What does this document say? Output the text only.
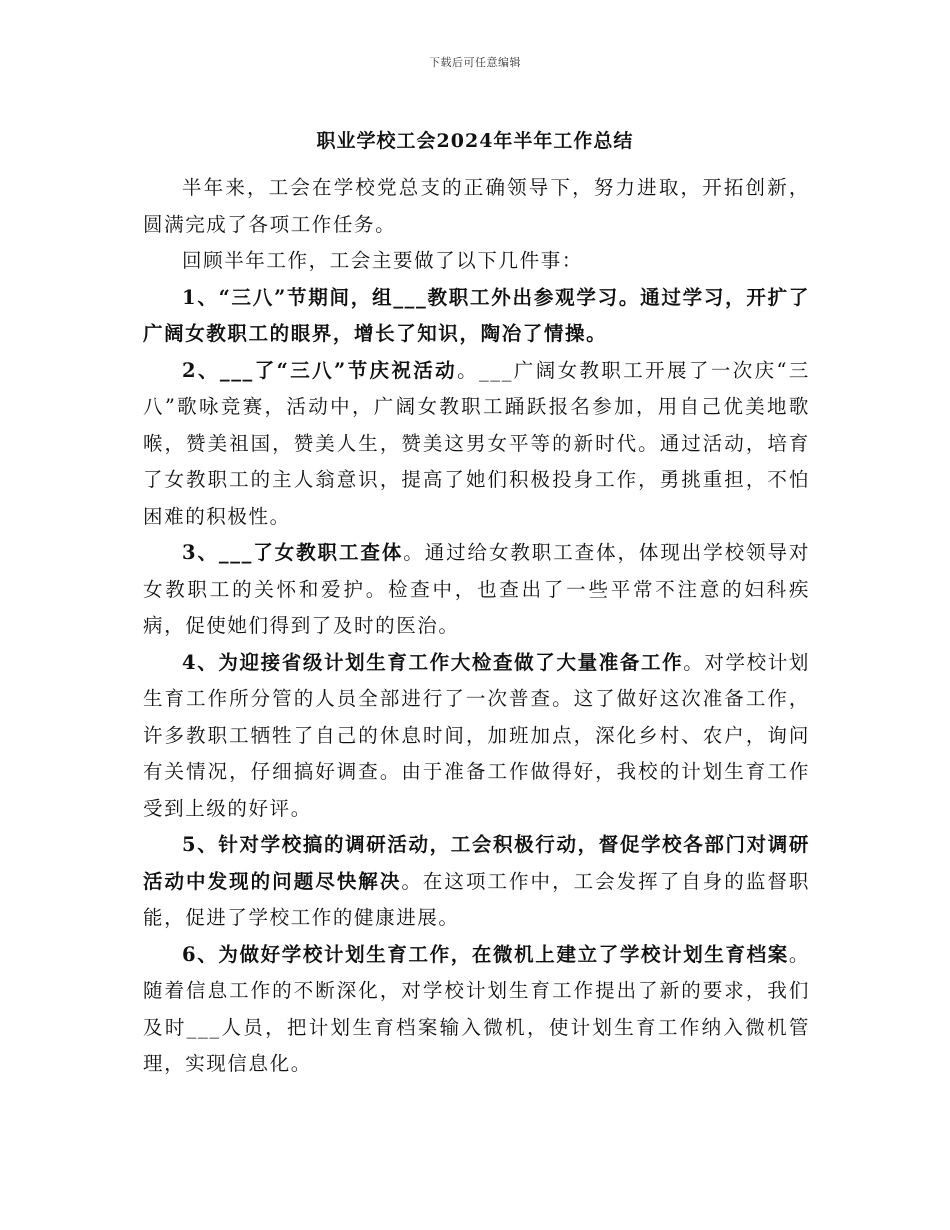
下载后可任意编辑
职业学校工会2024年半年工作总结

半年来，工会在学校党总支的正确领导下，努力进取，开拓创新，圆满完成了各项工作任务。

回顾半年工作，工会主要做了以下几件事：

1、“三八”节期间，组___教职工外出参观学习。通过学习，开扩了广阔女教职工的眼界，增长了知识，陶冶了情操。

2、___了“三八”节庆祝活动。___广阔女教职工开展了一次庆“三八”歌咏竞赛，活动中，广阔女教职工踊跃报名参加，用自己优美地歌喉，赞美祖国，赞美人生，赞美这男女平等的新时代。通过活动，培育了女教职工的主人翁意识，提高了她们积极投身工作，勇挑重担，不怕困难的积极性。

3、___了女教职工查体。通过给女教职工查体，体现出学校领导对女教职工的关怀和爱护。检查中，也查出了一些平常不注意的妇科疾病，促使她们得到了及时的医治。

4、为迎接省级计划生育工作大检查做了大量准备工作。对学校计划生育工作所分管的人员全部进行了一次普查。这了做好这次准备工作，许多教职工牺牲了自己的休息时间，加班加点，深化乡村、农户，询问有关情况，仔细搞好调查。由于准备工作做得好，我校的计划生育工作受到上级的好评。

5、针对学校搞的调研活动，工会积极行动，督促学校各部门对调研活动中发现的问题尽快解决。在这项工作中，工会发挥了自身的监督职能，促进了学校工作的健康进展。

6、为做好学校计划生育工作，在微机上建立了学校计划生育档案。随着信息工作的不断深化，对学校计划生育工作提出了新的要求，我们及时___人员，把计划生育档案输入微机，使计划生育工作纳入微机管理，实现信息化。
